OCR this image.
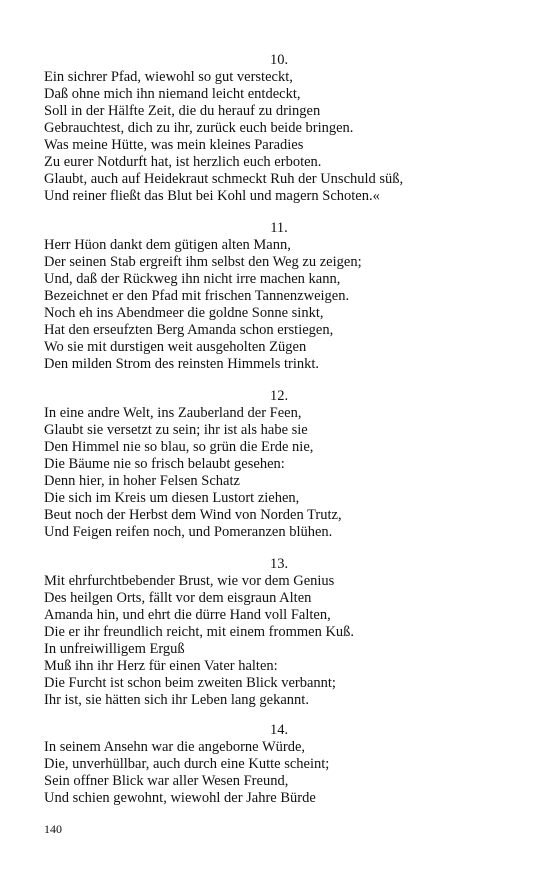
10.
Ein sichrer Pfad, wiewohl so gut versteckt,
Daß ohne mich ihn niemand leicht entdeckt,
Soll in der Hälfte Zeit, die du herauf zu dringen
Gebrauchtest, dich zu ihr, zurück euch beide bringen.
Was meine Hütte, was mein kleines Paradies
Zu eurer Notdurft hat, ist herzlich euch erboten.
Glaubt, auch auf Heidekraut schmeckt Ruh der Unschuld süß,
Und reiner fließt das Blut bei Kohl und magern Schoten.«
11.
Herr Hüon dankt dem gütigen alten Mann,
Der seinen Stab ergreift ihm selbst den Weg zu zeigen;
Und, daß der Rückweg ihn nicht irre machen kann,
Bezeichnet er den Pfad mit frischen Tannenzweigen.
Noch eh ins Abendmeer die goldne Sonne sinkt,
Hat den erseufzten Berg Amanda schon erstiegen,
Wo sie mit durstigen weit ausgeholten Zügen
Den milden Strom des reinsten Himmels trinkt.
12.
In eine andre Welt, ins Zauberland der Feen,
Glaubt sie versetzt zu sein; ihr ist als habe sie
Den Himmel nie so blau, so grün die Erde nie,
Die Bäume nie so frisch belaubt gesehen:
Denn hier, in hoher Felsen Schatz
Die sich im Kreis um diesen Lustort ziehen,
Beut noch der Herbst dem Wind von Norden Trutz,
Und Feigen reifen noch, und Pomeranzen blühen.
13.
Mit ehrfurchtbebender Brust, wie vor dem Genius
Des heilgen Orts, fällt vor dem eisgraun Alten
Amanda hin, und ehrt die dürre Hand voll Falten,
Die er ihr freundlich reicht, mit einem frommen Kuß.
In unfreiwilligem Erguß
Muß ihn ihr Herz für einen Vater halten:
Die Furcht ist schon beim zweiten Blick verbannt;
Ihr ist, sie hätten sich ihr Leben lang gekannt.
14.
In seinem Ansehn war die angeborne Würde,
Die, unverhüllbar, auch durch eine Kutte scheint;
Sein offner Blick war aller Wesen Freund,
Und schien gewohnt, wiewohl der Jahre Bürde
140
